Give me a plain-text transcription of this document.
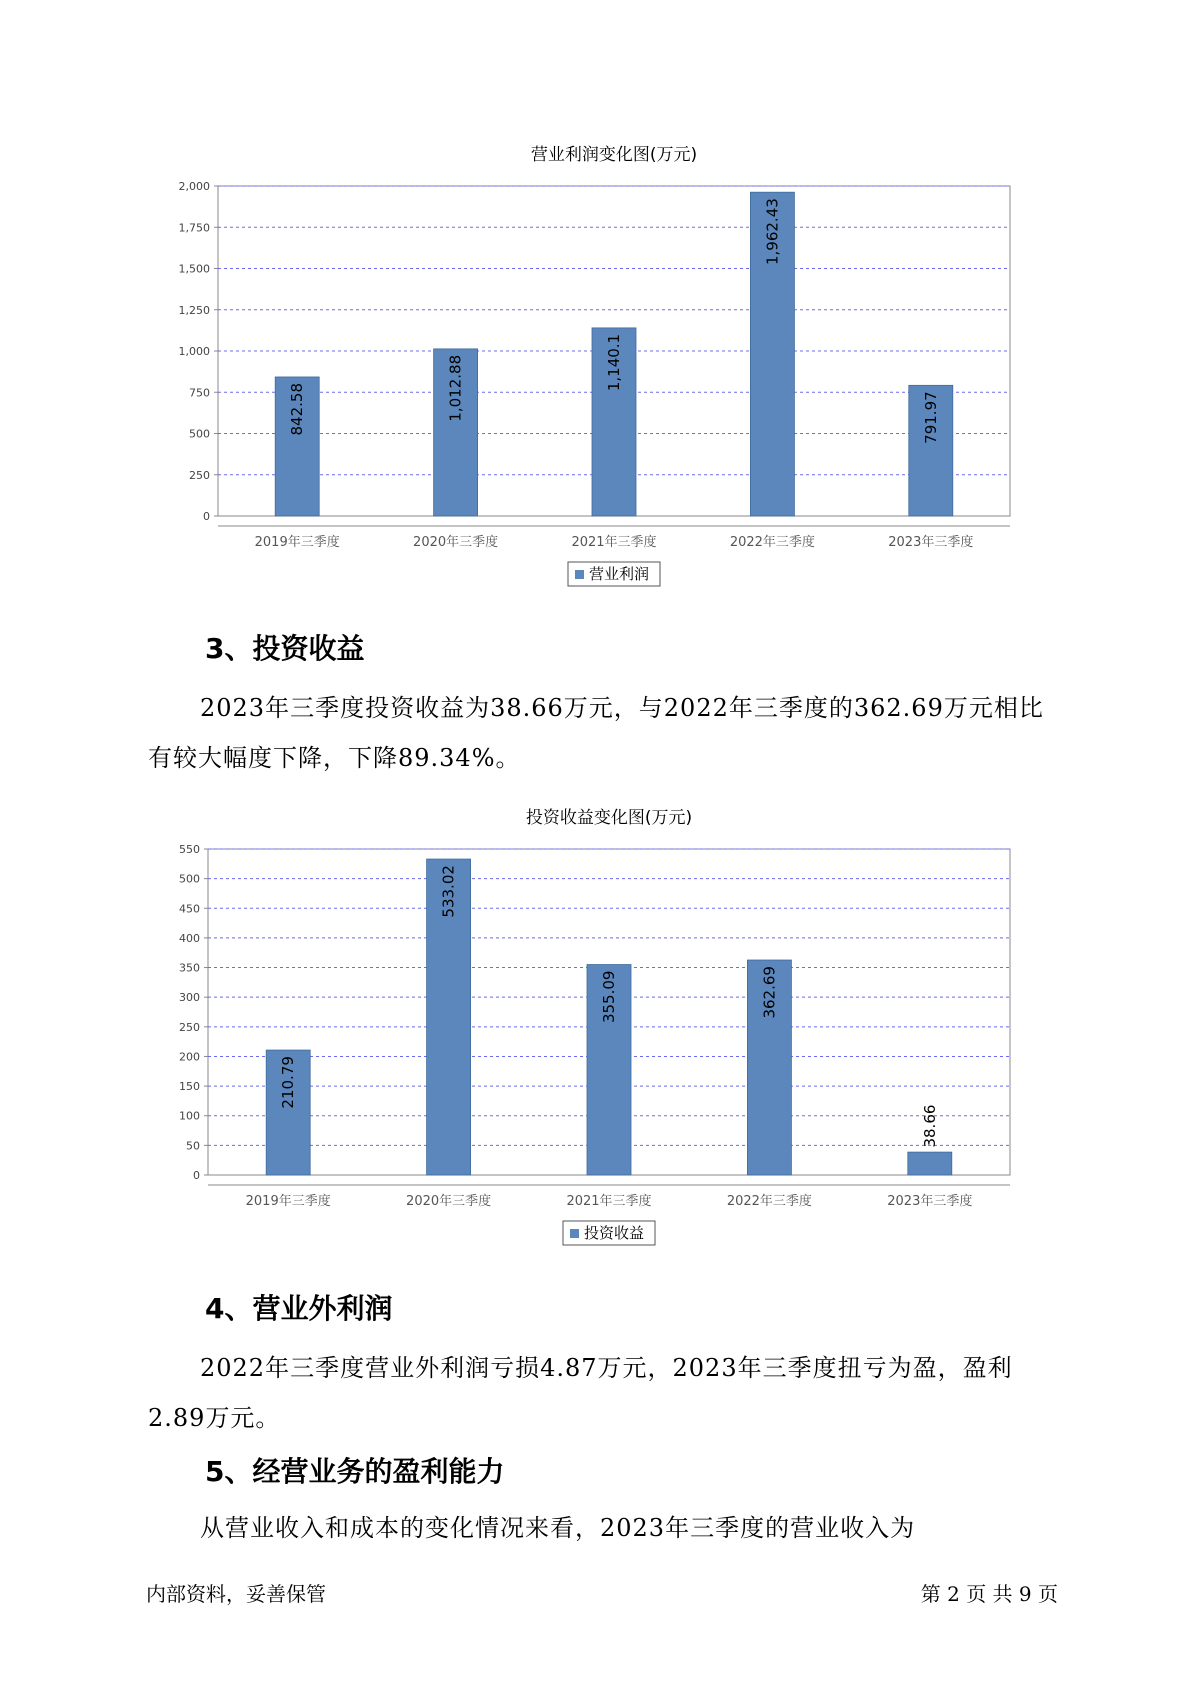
营业利润变化图(万元)
0
250
500
750
1,000
1,250
1,500
1,750
2,000
842.58
2019年三季度
1,012.88
2020年三季度
1,140.1
2021年三季度
1,962.43
2022年三季度
791.97
2023年三季度
营业利润
3、投资收益

2023年三季度投资收益为38.66万元，与2022年三季度的362.69万元相比有较大幅度下降，下降89.34%。

投资收益变化图(万元)
0
50
100
150
200
250
300
350
400
450
500
550
210.79
2019年三季度
533.02
2020年三季度
355.09
2021年三季度
362.69
2022年三季度
38.66
2023年三季度
投资收益
4、营业外利润

2022年三季度营业外利润亏损4.87万元，2023年三季度扭亏为盈，盈利2.89万元。

5、经营业务的盈利能力

从营业收入和成本的变化情况来看，2023年三季度的营业收入为

内部资料，妥善保管	第 2 页 共 9 页
